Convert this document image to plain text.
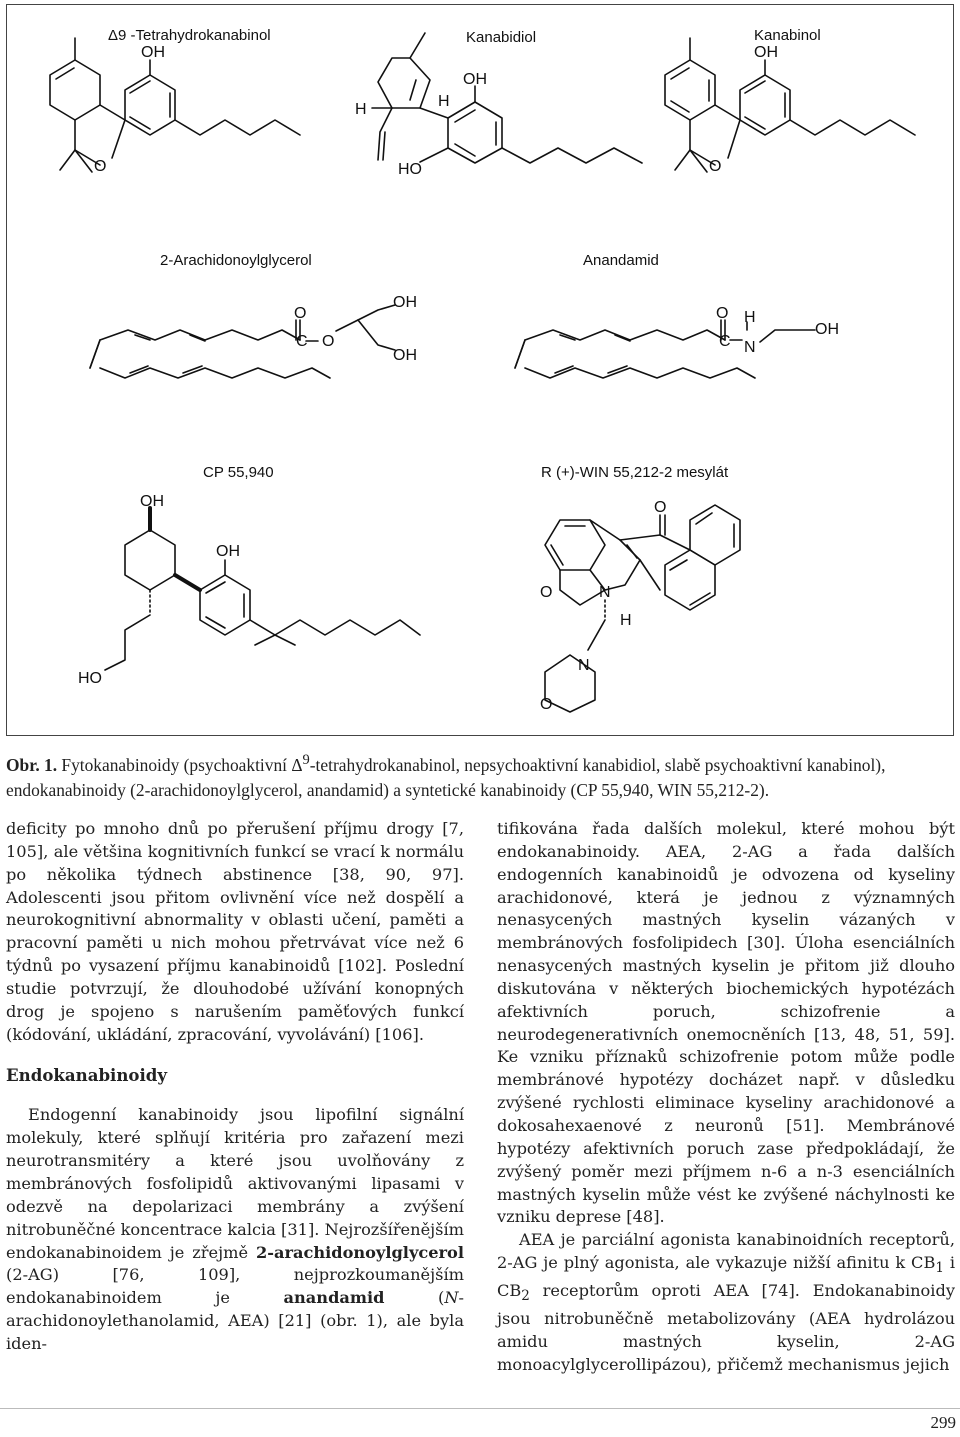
Δ9 -Tetrahydrokanabinol	Kanabidiol	Kanabinol
2-Arachidonoylglycerol	Anandamid
CP 55,940	R (+)-WIN 55,212-2 mesylát
OH
O
OH
H	H
HO
OH
O
O
C O
OH
OH
O
C
H
N
OH
OH
OH
HO
O
O	N
H
N
O
Obr. 1. Fytokanabinoidy (psychoaktivní $\Delta^9$-tetrahydrokanabinol, nepsychoaktivní kanabidiol, slabě psychoaktivní kanabinol), endokanabinoidy (2-arachidonoylglycerol, anandamid) a syntetické kanabinoidy (CP 55,940, WIN 55,212-2).

deficity po mnoho dnů po přerušení příjmu drogy [7, 105], ale většina kognitivních funkcí se vrací k normálu po několika týdnech abstinence [38, 90, 97]. Adolescenti jsou přitom ovlivnění více než dospělí a neurokognitivní abnormality v oblasti učení, paměti a pracovní paměti u nich mohou přetrvávat více než 6 týdnů po vysazení příjmu kanabinoidů [102]. Poslední studie potvrzují, že dlouhodobé užívání konopných drog je spojeno s narušením paměťových funkcí (kódování, ukládání, zpracování, vyvolávání) [106].

Endokanabinoidy

Endogenní kanabinoidy jsou lipofilní signální molekuly, které splňují kritéria pro zařazení mezi neurotransmitéry a které jsou uvolňovány z membránových fosfolipidů aktivovanými lipasami v odezvě na depolarizaci membrány a zvýšení nitrobuněčné koncentrace kalcia [31]. Nejrozšířenějším endokanabinoidem je zřejmě 2-arachidonoylglycerol (2-AG) [76, 109], nejprozkoumanějším endokanabinoidem je anandamid (N-arachidonoylethanolamid, AEA) [21] (obr. 1), ale byla iden-

tifikována řada dalších molekul, které mohou být endokanabinoidy. AEA, 2-AG a řada dalších endogenních kanabinoidů je odvozena od kyseliny arachidonové, která je jednou z významných nenasycených mastných kyselin vázaných v membránových fosfolipidech [30]. Úloha esenciálních nenasycených mastných kyselin je přitom již dlouho diskutována v některých biochemických hypotézách afektivních poruch, schizofrenie a neurodegenerativních onemocněních [13, 48, 51, 59]. Ke vzniku příznaků schizofrenie potom může podle membránové hypotézy docházet např. v důsledku zvýšené rychlosti eliminace kyseliny arachidonové a dokosahexaenové z neuronů [51]. Membránové hypotézy afektivních poruch zase předpokládají, že zvýšený poměr mezi příjmem n-6 a n-3 esenciálních mastných kyselin může vést ke zvýšené náchylnosti ke vzniku deprese [48].

AEA je parciální agonista kanabinoidních receptorů, 2-AG je plný agonista, ale vykazuje nižší afinitu k $CB_1$ i $CB_2$ receptorům oproti AEA [74]. Endokanabinoidy jsou nitrobuněčně metabolizovány (AEA hydrolázou amidu mastných kyselin, 2-AG monoacylglycerollipázou), přičemž mechanismus jejich

299
